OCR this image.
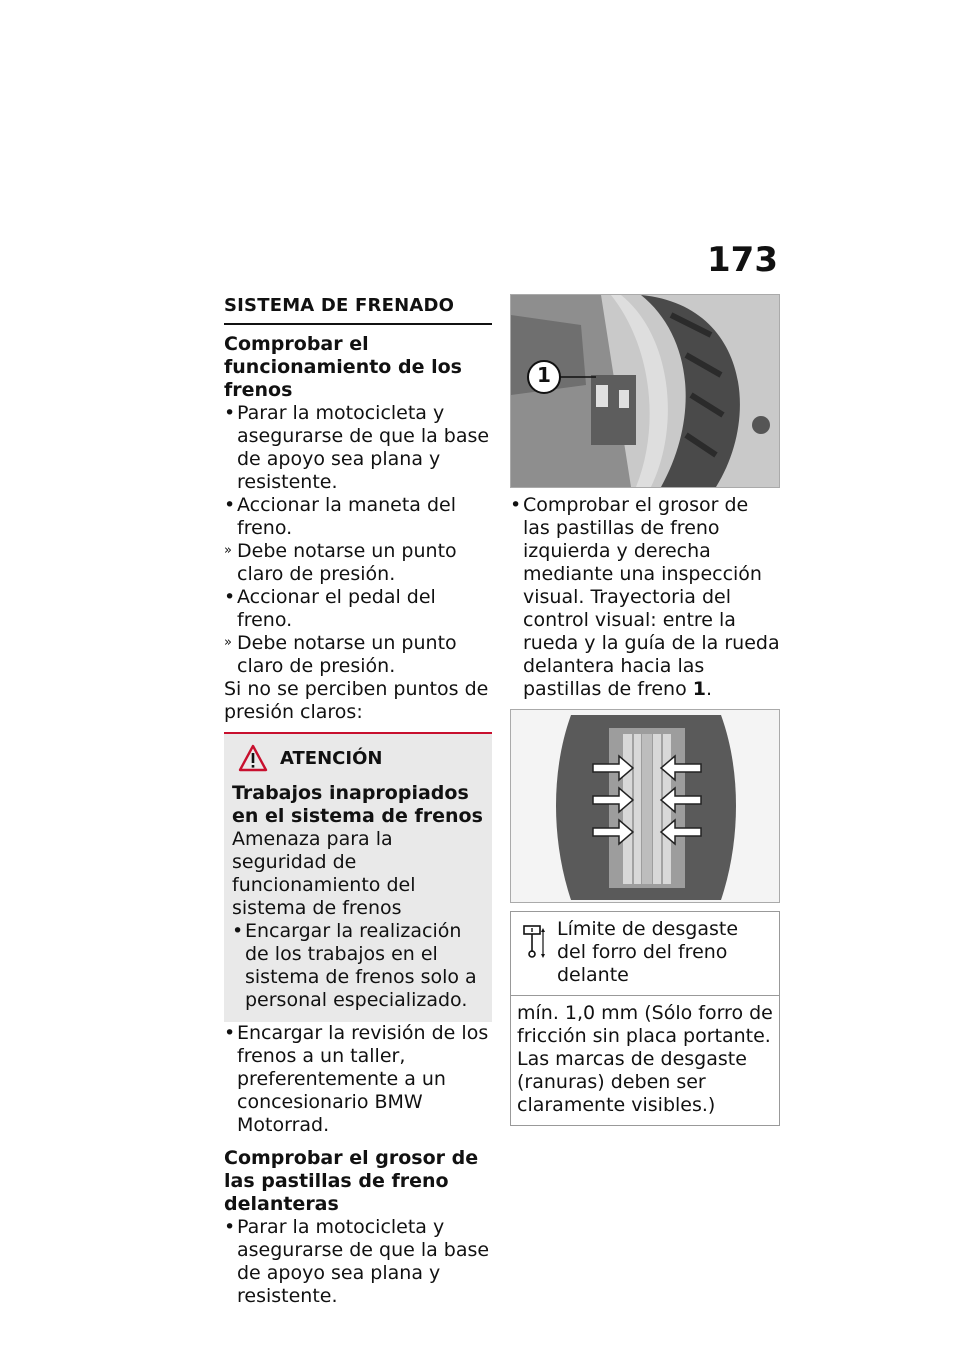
173
SISTEMA DE FRENADO
Comprobar el funcionamiento de los frenos
• Parar la motocicleta y asegurarse de que la base de apoyo sea plana y resistente.
• Accionar la maneta del freno.
» Debe notarse un punto claro de presión.
• Accionar el pedal del freno.
» Debe notarse un punto claro de presión.

Si no se perciben puntos de presión claros:

ATENCIÓN
Trabajos inapropiados en el sistema de frenos
Amenaza para la seguridad de funcionamiento del sistema de frenos
• Encargar la realización de los trabajos en el sistema de frenos solo a personal especializado.
• Encargar la revisión de los frenos a un taller, preferentemente a un concesionario BMW Motorrad.
Comprobar el grosor de las pastillas de freno delanteras
• Parar la motocicleta y asegurarse de que la base de apoyo sea plana y resistente.
1
• Comprobar el grosor de las pastillas de freno izquierda y derecha mediante una inspección visual. Trayectoria del control visual: entre la rueda y la guía de la rueda delantera hacia las pastillas de freno 1.
Límite de desgaste del forro del freno delante
mín. 1,0 mm (Sólo forro de fricción sin placa portante. Las marcas de desgaste (ranuras) deben ser claramente visibles.)
